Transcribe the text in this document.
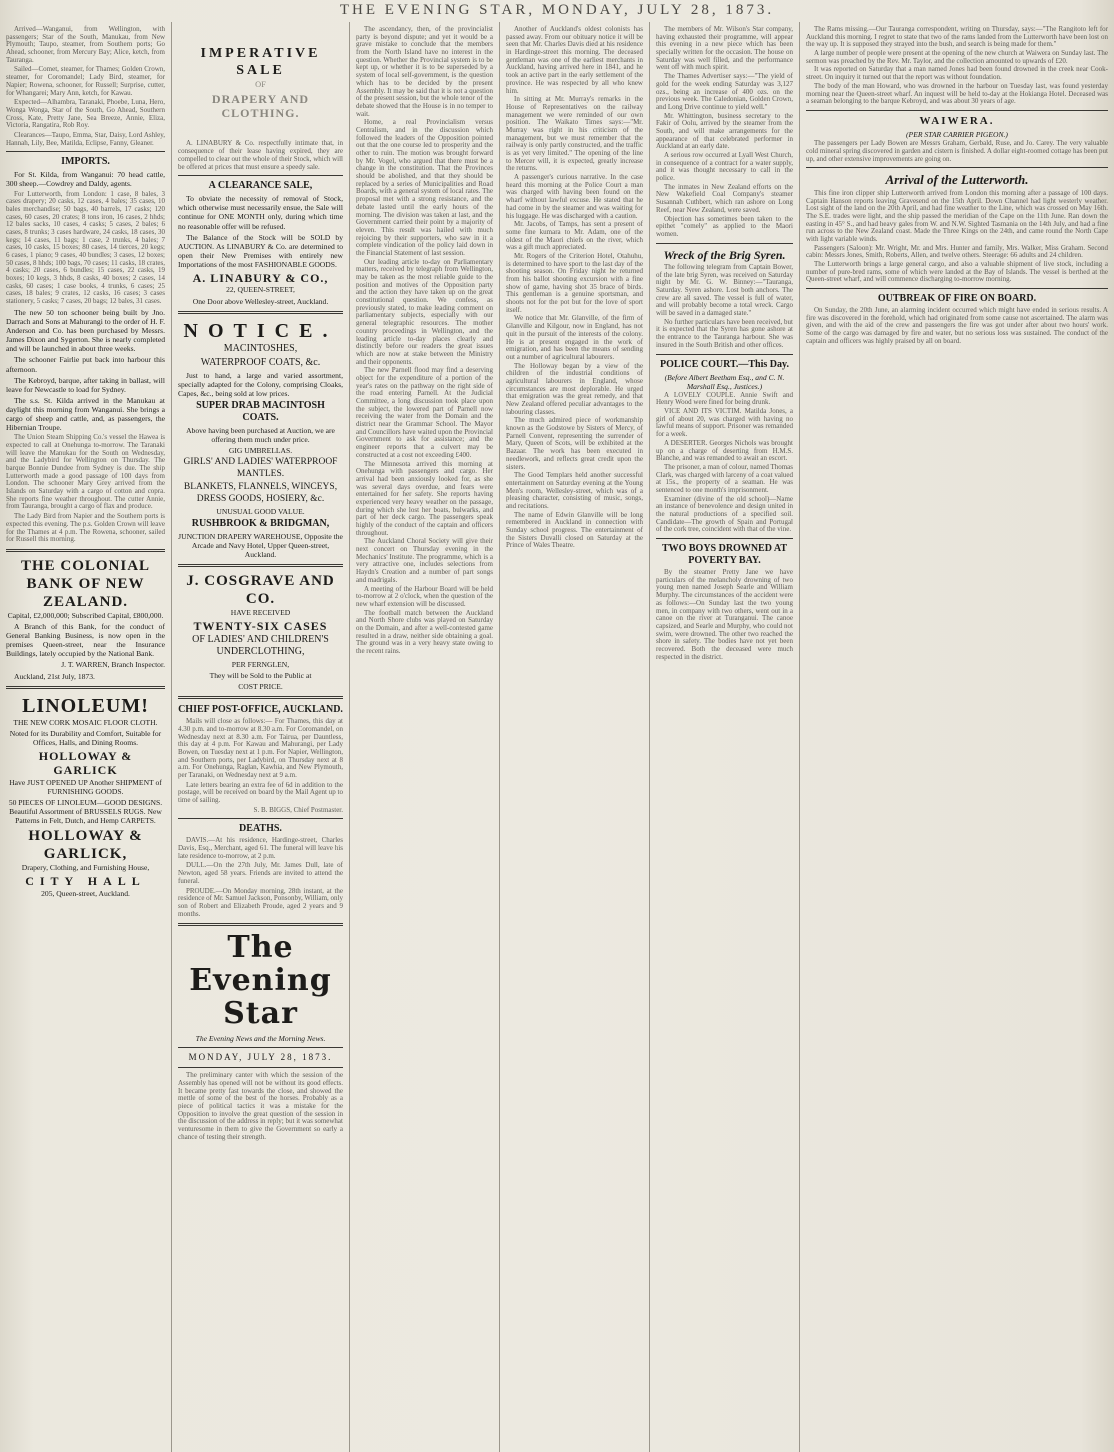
THE EVENING STAR, MONDAY, JULY 28, 1873.

Arrived—Wanganui, from Wellington, with passengers; Star of the South, Manukau, from New Plymouth; Taupo, steamer, from Southern ports; Go Ahead, schooner, from Mercury Bay; Alice, ketch, from Tauranga.

Sailed—Comet, steamer, for Thames; Golden Crown, steamer, for Coromandel; Lady Bird, steamer, for Napier; Rowena, schooner, for Russell; Surprise, cutter, for Whangarei; Mary Ann, ketch, for Kawau.

Expected—Alhambra, Taranaki, Phoebe, Luna, Hero, Wonga Wonga, Star of the South, Go Ahead, Southern Cross, Kate, Pretty Jane, Sea Breeze, Annie, Eliza, Victoria, Rangatira, Rob Roy.

Clearances—Taupo, Emma, Star, Daisy, Lord Ashley, Hannah, Lily, Bee, Matilda, Eclipse, Fanny, Gleaner.

IMPORTS.

For St. Kilda, from Wanganui: 70 head cattle, 300 sheep.—Cowdrey and Daldy, agents.

For Lutterworth, from London: 1 case, 8 bales, 3 cases drapery; 20 casks, 12 cases, 4 bales; 35 cases, 10 bales merchandise; 50 bags, 40 barrels, 17 casks; 120 cases, 60 cases, 20 crates; 8 tons iron, 16 cases, 2 hhds; 12 bales sacks, 10 cases, 4 casks; 5 cases, 2 bales; 6 cases, 8 trunks; 3 cases hardware, 24 casks, 18 cases, 30 kegs; 14 cases, 11 bags; 1 case, 2 trunks, 4 bales; 7 cases, 10 casks, 15 boxes; 80 cases, 14 tierces, 20 kegs; 6 cases, 1 piano; 9 cases, 40 bundles; 3 cases, 12 boxes; 50 cases, 8 hhds; 100 bags, 70 cases; 11 casks, 18 crates, 4 casks; 20 cases, 6 bundles; 15 cases, 22 casks, 19 boxes; 10 kegs, 3 hhds, 8 casks, 40 boxes; 2 cases, 14 casks, 60 cases; 1 case books, 4 trunks, 6 cases; 25 cases, 18 bales; 9 crates, 12 casks, 16 cases; 3 cases stationery, 5 casks; 7 cases, 20 bags; 12 bales, 31 cases.

The new 50 ton schooner being built by Jno. Darrach and Sons at Mahurangi to the order of H. F. Anderson and Co. has been purchased by Messrs. James Dixon and Sygerton. She is nearly completed and will be launched in about three weeks.

The schooner Fairlie put back into harbour this afternoon.

The Kebroyd, barque, after taking in ballast, will leave for Newcastle to load for Sydney.

The s.s. St. Kilda arrived in the Manukau at daylight this morning from Wanganui. She brings a cargo of sheep and cattle, and, as passengers, the Hibernian Troupe.

The Union Steam Shipping Co.'s vessel the Hawea is expected to call at Onehunga to-morrow. The Taranaki will leave the Manukau for the South on Wednesday, and the Ladybird for Wellington on Thursday. The barque Bonnie Dundee from Sydney is due. The ship Lutterworth made a good passage of 100 days from London. The schooner Mary Grey arrived from the Islands on Saturday with a cargo of cotton and copra. She reports fine weather throughout. The cutter Annie, from Tauranga, brought a cargo of flax and produce.

The Lady Bird from Napier and the Southern ports is expected this evening. The p.s. Golden Crown will leave for the Thames at 4 p.m. The Rowena, schooner, sailed for Russell this morning.

THE COLONIAL BANK OF NEW ZEALAND.

Capital, £2,000,000; Subscribed Capital, £800,000.

A Branch of this Bank, for the conduct of General Banking Business, is now open in the premises Queen-street, near the Insurance Buildings, lately occupied by the National Bank.

J. T. WARREN, Branch Inspector.

Auckland, 21st July, 1873.

LINOLEUM!

THE NEW CORK MOSAIC FLOOR CLOTH.

Noted for its Durability and Comfort, Suitable for Offices, Halls, and Dining Rooms.

HOLLOWAY & GARLICK

Have JUST OPENED UP Another SHIPMENT of FURNISHING GOODS.

50 PIECES OF LINOLEUM—GOOD DESIGNS. Beautiful Assortment of BRUSSELS RUGS. New Patterns in Felt, Dutch, and Hemp CARPETS.

HOLLOWAY & GARLICK,

Drapery, Clothing, and Furnishing House,

CITY HALL

205, Queen-street, Auckland.

IMPERATIVE SALE

OF

DRAPERY AND CLOTHING.

A. LINABURY & Co. respectfully intimate that, in consequence of their lease having expired, they are compelled to clear out the whole of their Stock, which will be offered at prices that must ensure a speedy sale.

A CLEARANCE SALE,

To obviate the necessity of removal of Stock, which otherwise must necessarily ensue, the Sale will continue for ONE MONTH only, during which time no reasonable offer will be refused.

The Balance of the Stock will be SOLD by AUCTION. As LINABURY & Co. are determined to open their New Premises with entirely new Importations of the most FASHIONABLE GOODS.

A. LINABURY & CO.,

22, QUEEN-STREET,

One Door above Wellesley-street, Auckland.

NOTICE.

MACINTOSHES,

WATERPROOF COATS, &c.

Just to hand, a large and varied assortment, specially adapted for the Colony, comprising Cloaks, Capes, &c., being sold at low prices.

SUPER DRAB MACINTOSH COATS.

Above having been purchased at Auction, we are offering them much under price.

GIG UMBRELLAS.

GIRLS' AND LADIES' WATERPROOF MANTLES.

BLANKETS, FLANNELS, WINCEYS, DRESS GOODS, HOSIERY, &c.

UNUSUAL GOOD VALUE.

RUSHBROOK & BRIDGMAN,

JUNCTION DRAPERY WAREHOUSE, Opposite the Arcade and Navy Hotel, Upper Queen-street, Auckland.

J. COSGRAVE AND CO.

HAVE RECEIVED

TWENTY-SIX CASES

OF LADIES' AND CHILDREN'S UNDERCLOTHING,

PER FERNGLEN,

They will be Sold to the Public at

COST PRICE.

CHIEF POST-OFFICE, AUCKLAND.

Mails will close as follows:— For Thames, this day at 4.30 p.m. and to-morrow at 8.30 a.m. For Coromandel, on Wednesday next at 8.30 a.m. For Tairua, per Dauntless, this day at 4 p.m. For Kawau and Mahurangi, per Lady Bowen, on Tuesday next at 1 p.m. For Napier, Wellington, and Southern ports, per Ladybird, on Thursday next at 8 a.m. For Onehunga, Raglan, Kawhia, and New Plymouth, per Taranaki, on Wednesday next at 9 a.m.

Late letters bearing an extra fee of 6d in addition to the postage, will be received on board by the Mail Agent up to time of sailing.

S. B. BIGGS, Chief Postmaster.

DEATHS.

DAVIS.—At his residence, Hardinge-street, Charles Davis, Esq., Merchant, aged 61. The funeral will leave his late residence to-morrow, at 2 p.m.

DULL.—On the 27th July, Mr. James Dull, late of Newton, aged 58 years. Friends are invited to attend the funeral.

PROUDE.—On Monday morning, 28th instant, at the residence of Mr. Samuel Jackson, Ponsonby, William, only son of Robert and Elizabeth Proude, aged 2 years and 9 months.

The Evening Star

The Evening News and the Morning News.

MONDAY, JULY 28, 1873.

The preliminary canter with which the session of the Assembly has opened will not be without its good effects. It became pretty fast towards the close, and showed the mettle of some of the best of the horses. Probably as a piece of political tactics it was a mistake for the Opposition to involve the great question of the session in the discussion of the address in reply; but it was somewhat venturesome in them to give the Government so early a chance of testing their strength.

The ascendancy, then, of the provincialist party is beyond dispute; and yet it would be a grave mistake to conclude that the members from the North Island have no interest in the question. Whether the Provincial system is to be kept up, or whether it is to be superseded by a system of local self-government, is the question which has to be decided by the present Assembly. It may be said that it is not a question of the present session, but the whole tenor of the debate showed that the House is in no temper to wait.

Home, a real Provincialism versus Centralism, and in the discussion which followed the leaders of the Opposition pointed out that the one course led to prosperity and the other to ruin. The motion was brought forward by Mr. Vogel, who argued that there must be a change in the constitution. That the Provinces should be abolished, and that they should be replaced by a series of Municipalities and Road Boards, with a general system of local rates. The proposal met with a strong resistance, and the debate lasted until the early hours of the morning. The division was taken at last, and the Government carried their point by a majority of eleven. This result was hailed with much rejoicing by their supporters, who saw in it a complete vindication of the policy laid down in the Financial Statement of last session.

Our leading article to-day on Parliamentary matters, received by telegraph from Wellington, may be taken as the most reliable guide to the position and motives of the Opposition party and the action they have taken up on the great constitutional question. We confess, as previously stated, to make leading comment on parliamentary subjects, especially with our general telegraphic resources. The mother country proceedings in Wellington, and the leading article to-day places clearly and distinctly before our readers the great issues which are now at stake between the Ministry and their opponents.

The new Parnell flood may find a deserving object for the expenditure of a portion of the year's rates on the pathway on the right side of the road entering Parnell. At the Judicial Committee, a long discussion took place upon the subject, the lowered part of Parnell now receiving the water from the Domain and the district near the Grammar School. The Mayor and Councillors have waited upon the Provincial Government to ask for assistance; and the engineer reports that a culvert may be constructed at a cost not exceeding £400.

The Minnesota arrived this morning at Onehunga with passengers and cargo. Her arrival had been anxiously looked for, as she was several days overdue, and fears were entertained for her safety. She reports having experienced very heavy weather on the passage, during which she lost her boats, bulwarks, and part of her deck cargo. The passengers speak highly of the conduct of the captain and officers throughout.

The Auckland Choral Society will give their next concert on Thursday evening in the Mechanics' Institute. The programme, which is a very attractive one, includes selections from Haydn's Creation and a number of part songs and madrigals.

A meeting of the Harbour Board will be held to-morrow at 2 o'clock, when the question of the new wharf extension will be discussed.

The football match between the Auckland and North Shore clubs was played on Saturday on the Domain, and after a well-contested game resulted in a draw, neither side obtaining a goal. The ground was in a very heavy state owing to the recent rains.

Another of Auckland's oldest colonists has passed away. From our obituary notice it will be seen that Mr. Charles Davis died at his residence in Hardinge-street this morning. The deceased gentleman was one of the earliest merchants in Auckland, having arrived here in 1841, and he took an active part in the early settlement of the province. He was respected by all who knew him.

In sitting at Mr. Murray's remarks in the House of Representatives on the railway management we were reminded of our own position. The Waikato Times says:—"Mr. Murray was right in his criticism of the management, but we must remember that the railway is only partly constructed, and the traffic is as yet very limited." The opening of the line to Mercer will, it is expected, greatly increase the returns.

A passenger's curious narrative. In the case heard this morning at the Police Court a man was charged with having been found on the wharf without lawful excuse. He stated that he had come in by the steamer and was waiting for his luggage. He was discharged with a caution.

Mr. Jacobs, of Tamps, has sent a present of some fine kumara to Mr. Adam, one of the oldest of the Maori chiefs on the river, which was a gift much appreciated.

Mr. Rogers of the Criterion Hotel, Otahuhu, is determined to have sport to the last day of the shooting season. On Friday night he returned from his ballot shooting excursion with a fine show of game, having shot 35 brace of birds. This gentleman is a genuine sportsman, and shoots not for the pot but for the love of sport itself.

We notice that Mr. Glanville, of the firm of Glanville and Kilgour, now in England, has not quit in the pursuit of the interests of the colony. He is at present engaged in the work of emigration, and has been the means of sending out a number of agricultural labourers.

The Holloway began by a view of the children of the industrial conditions of agricultural labourers in England, whose circumstances are most deplorable. He urged that emigration was the great remedy, and that New Zealand offered peculiar advantages to the labouring classes.

The much admired piece of workmanship known as the Godstowe by Sisters of Mercy, of Parnell Convent, representing the surrender of Mary, Queen of Scots, will be exhibited at the Bazaar. The work has been executed in needlework, and reflects great credit upon the sisters.

The Good Templars held another successful entertainment on Saturday evening at the Young Men's room, Wellesley-street, which was of a pleasing character, consisting of music, songs, and recitations.

The name of Edwin Glanville will be long remembered in Auckland in connection with Sunday school progress. The entertainment of the Sisters Duvalli closed on Saturday at the Prince of Wales Theatre.

The members of Mr. Wilson's Star company, having exhausted their programme, will appear this evening in a new piece which has been specially written for the occasion. The house on Saturday was well filled, and the performance went off with much spirit.

The Thames Advertiser says:—"The yield of gold for the week ending Saturday was 3,127 ozs., being an increase of 400 ozs. on the previous week. The Caledonian, Golden Crown, and Long Drive continue to yield well."

Mr. Whittington, business secretary to the Fakir of Oolu, arrived by the steamer from the South, and will make arrangements for the appearance of that celebrated performer in Auckland at an early date.

A serious row occurred at Lyall West Church, in consequence of a contract for a water supply, and it was thought necessary to call in the police.

The inmates in New Zealand efforts on the New Wakefield Coal Company's steamer Susannah Cuthbert, which ran ashore on Long Reef, near New Zealand, were saved.

Objection has sometimes been taken to the epithet "comely" as applied to the Maori women.

Wreck of the Brig Syren.

The following telegram from Captain Bower, of the late brig Syren, was received on Saturday night by Mr. G. W. Binney:—"Tauranga, Saturday. Syren ashore. Lost both anchors. The crew are all saved. The vessel is full of water, and will probably become a total wreck. Cargo will be saved in a damaged state."

No further particulars have been received, but it is expected that the Syren has gone ashore at the entrance to the Tauranga harbour. She was insured in the South British and other offices.

POLICE COURT.—This Day.

(Before Albert Beetham Esq., and C. N. Marshall Esq., Justices.)

A LOVELY COUPLE. Annie Swift and Henry Wood were fined for being drunk.

VICE AND ITS VICTIM. Matilda Jones, a girl of about 20, was charged with having no lawful means of support. Prisoner was remanded for a week.

A DESERTER. Georges Nichols was brought up on a charge of deserting from H.M.S. Blanche, and was remanded to await an escort.

The prisoner, a man of colour, named Thomas Clark, was charged with larceny of a coat valued at 15s., the property of a seaman. He was sentenced to one month's imprisonment.

Examiner (divine of the old school)—Name an instance of benevolence and design united in the natural productions of a specified soil. Candidate—The growth of Spain and Portugal of the cork tree, coincident with that of the vine.

TWO BOYS DROWNED AT POVERTY BAY.

By the steamer Pretty Jane we have particulars of the melancholy drowning of two young men named Joseph Searle and William Murphy. The circumstances of the accident were as follows:—On Sunday last the two young men, in company with two others, went out in a canoe on the river at Turanganui. The canoe capsized, and Searle and Murphy, who could not swim, were drowned. The other two reached the shore in safety. The bodies have not yet been recovered. Both the deceased were much respected in the district.

The Rams missing.—Our Tauranga correspondent, writing on Thursday, says:—"The Rangitoto left for Auckland this morning. I regret to state that two of the rams landed from the Lutterworth have been lost on the way up. It is supposed they strayed into the bush, and search is being made for them."

A large number of people were present at the opening of the new church at Waiwera on Sunday last. The sermon was preached by the Rev. Mr. Taylor, and the collection amounted to upwards of £20.

It was reported on Saturday that a man named Jones had been found drowned in the creek near Cook-street. On inquiry it turned out that the report was without foundation.

The body of the man Howard, who was drowned in the harbour on Tuesday last, was found yesterday morning near the Queen-street wharf. An inquest will be held to-day at the Hokianga Hotel. Deceased was a seaman belonging to the barque Kebroyd, and was about 30 years of age.

WAIWERA.

(PER STAR CARRIER PIGEON.)

The passengers per Lady Bowen are Messrs Graham, Gerbald, Ruse, and Jo. Carey. The very valuable cold mineral spring discovered in garden and cistern is finished. A dollar eight-roomed cottage has been put up, and other extensive improvements are going on.

Arrival of the Lutterworth.

This fine iron clipper ship Lutterworth arrived from London this morning after a passage of 100 days. Captain Hanson reports leaving Gravesend on the 15th April. Down Channel had light westerly weather. Lost sight of the land on the 20th April, and had fine weather to the Line, which was crossed on May 16th. The S.E. trades were light, and the ship passed the meridian of the Cape on the 11th June. Ran down the easting in 45° S., and had heavy gales from W. and N.W. Sighted Tasmania on the 14th July, and had a fine run across to the New Zealand coast. Made the Three Kings on the 24th, and came round the North Cape with light variable winds.

Passengers (Saloon): Mr. Wright, Mr. and Mrs. Hunter and family, Mrs. Walker, Miss Graham. Second cabin: Messrs Jones, Smith, Roberts, Allen, and twelve others. Steerage: 66 adults and 24 children.

The Lutterworth brings a large general cargo, and also a valuable shipment of live stock, including a number of pure-bred rams, some of which were landed at the Bay of Islands. The vessel is berthed at the Queen-street wharf, and will commence discharging to-morrow morning.

OUTBREAK OF FIRE ON BOARD.

On Sunday, the 20th June, an alarming incident occurred which might have ended in serious results. A fire was discovered in the forehold, which had originated from some cause not ascertained. The alarm was given, and with the aid of the crew and passengers the fire was got under after about two hours' work. Some of the cargo was damaged by fire and water, but no serious loss was sustained. The conduct of the captain and officers was highly praised by all on board.
